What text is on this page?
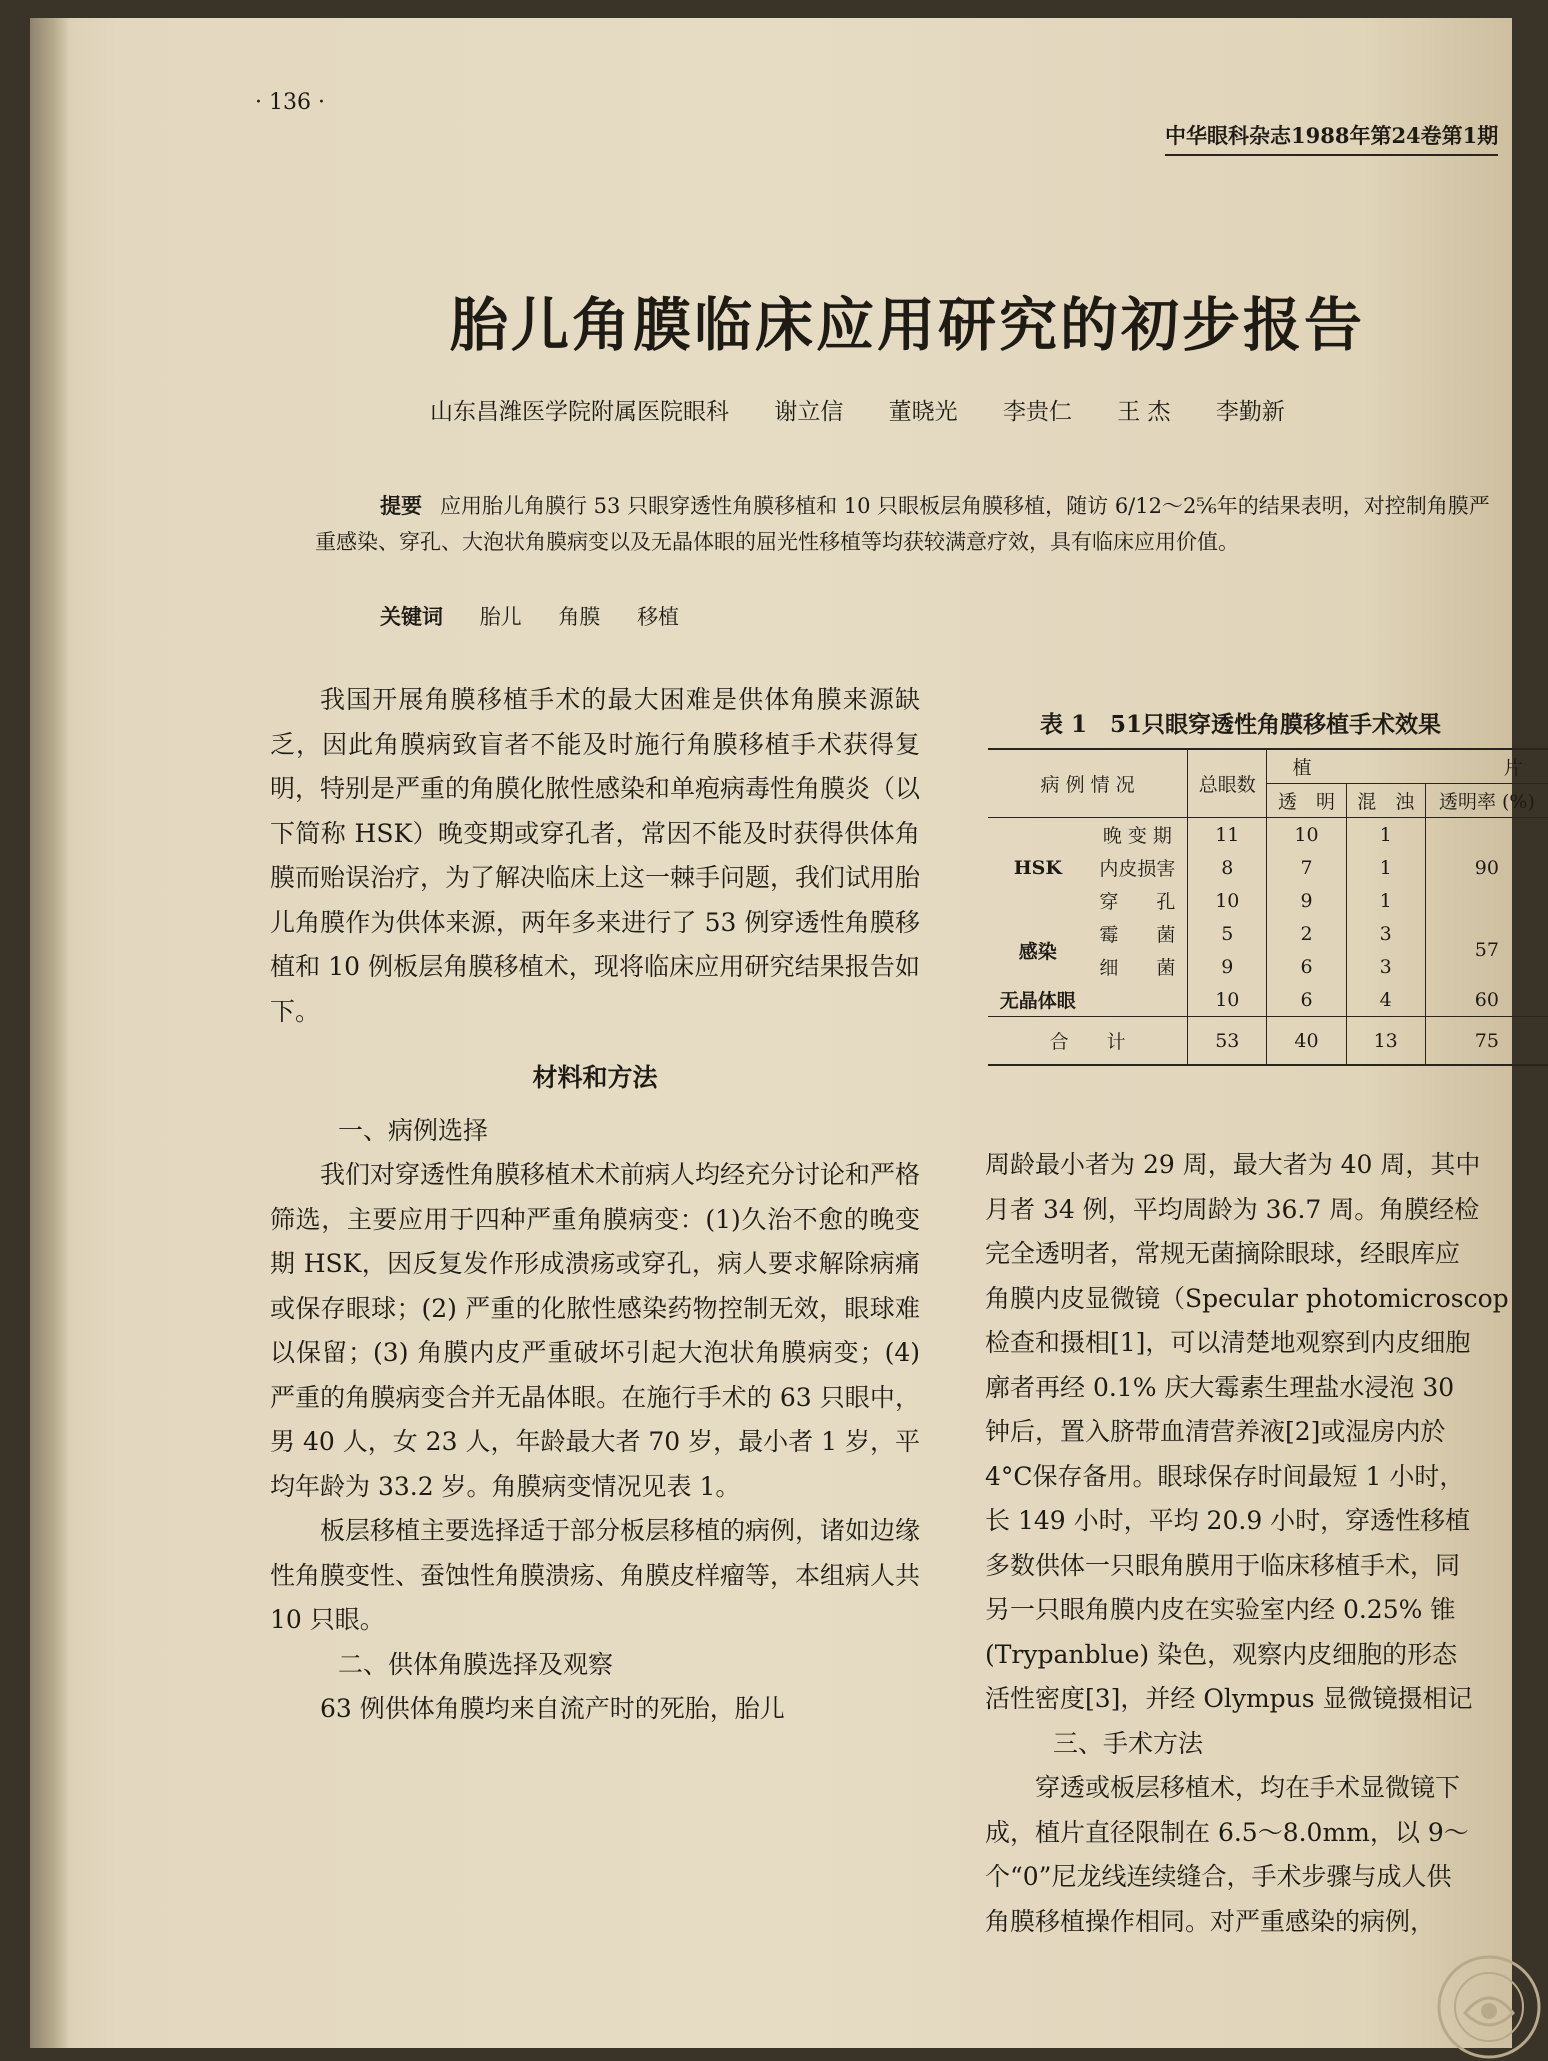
· 136 ·
中华眼科杂志1988年第24卷第1期
胎儿角膜临床应用研究的初步报告
山东昌潍医学院附属医院眼科 谢立信 董晓光 李贵仁 王 杰 李勤新
提要 应用胎儿角膜行 53 只眼穿透性角膜移植和 10 只眼板层角膜移植，随访 6/12～2⅚年的结果表明，对控制角膜严重感染、穿孔、大泡状角膜病变以及无晶体眼的屈光性移植等均获较满意疗效，具有临床应用价值。
关键词 胎儿 角膜 移植

我国开展角膜移植手术的最大困难是供体角膜来源缺乏，因此角膜病致盲者不能及时施行角膜移植手术获得复明，特别是严重的角膜化脓性感染和单疱病毒性角膜炎（以下简称 HSK）晚变期或穿孔者，常因不能及时获得供体角膜而贻误治疗，为了解决临床上这一棘手问题，我们试用胎儿角膜作为供体来源，两年多来进行了 53 例穿透性角膜移植和 10 例板层角膜移植术，现将临床应用研究结果报告如下。

材料和方法

一、病例选择

我们对穿透性角膜移植术术前病人均经充分讨论和严格筛选，主要应用于四种严重角膜病变：(1)久治不愈的晚变期 HSK，因反复发作形成溃疡或穿孔，病人要求解除病痛或保存眼球；(2) 严重的化脓性感染药物控制无效，眼球难以保留；(3) 角膜内皮严重破坏引起大泡状角膜病变；(4) 严重的角膜病变合并无晶体眼。在施行手术的 63 只眼中，男 40 人，女 23 人，年龄最大者 70 岁，最小者 1 岁，平均年龄为 33.2 岁。角膜病变情况见表 1。

板层移植主要选择适于部分板层移植的病例，诸如边缘性角膜变性、蚕蚀性角膜溃疡、角膜皮样瘤等，本组病人共 10 只眼。

二、供体角膜选择及观察

63 例供体角膜均来自流产时的死胎，胎儿

表 1　51只眼穿透性角膜移植手术效果
病 例 情 况		总眼数	植 片		
			透　明	混　浊	透明率 (%)
HSK	晚 变 期	11	10	1	90
	内皮损害	8	7	1	
	穿　　孔	10	9	1	
感染	霉　　菌	5	2	3	57
	细　　菌	9	6	3	
无晶体眼		10	6	4	60
合　　计		53	40	13	75

周龄最小者为 29 周，最大者为 40 周，其中

月者 34 例，平均周龄为 36.7 周。角膜经检

完全透明者，常规无菌摘除眼球，经眼库应

角膜内皮显微镜（Specular photomicroscop

检查和摄相[1]，可以清楚地观察到内皮细胞

廓者再经 0.1% 庆大霉素生理盐水浸泡 30

钟后，置入脐带血清营养液[2]或湿房内於

4°C保存备用。眼球保存时间最短 1 小时，

长 149 小时，平均 20.9 小时，穿透性移植

多数供体一只眼角膜用于临床移植手术，同

另一只眼角膜内皮在实验室内经 0.25% 锥

(Trypanblue) 染色，观察内皮细胞的形态

活性密度[3]，并经 Olympus 显微镜摄相记

三、手术方法

穿透或板层移植术，均在手术显微镜下

成，植片直径限制在 6.5～8.0mm，以 9～

个“0”尼龙线连续缝合，手术步骤与成人供

角膜移植操作相同。对严重感染的病例，
